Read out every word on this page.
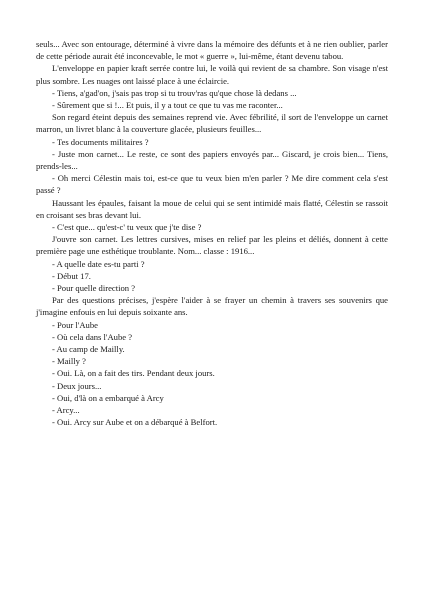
seuls... Avec son entourage, déterminé à vivre dans la mémoire des défunts et à ne rien oublier, parler de cette période aurait été inconcevable, le mot « guerre », lui-même, étant devenu tabou.

L'enveloppe en papier kraft serrée contre lui, le voilà qui revient de sa chambre. Son visage n'est plus sombre. Les nuages ont laissé place à une éclaircie.

- Tiens, a'gad'on, j'sais pas trop si tu trouv'ras qu'que chose là dedans ...

- Sûrement que si !... Et puis, il y a tout ce que tu vas me raconter...

Son regard éteint depuis des semaines reprend vie. Avec fébrilité, il sort de l'enveloppe un carnet marron, un livret blanc à la couverture glacée, plusieurs feuilles...

- Tes documents militaires ?

- Juste mon carnet... Le reste, ce sont des papiers envoyés par... Giscard, je crois bien... Tiens, prends-les...

- Oh merci Célestin mais toi, est-ce que tu veux bien m'en parler ? Me dire comment cela s'est passé ?

Haussant les épaules, faisant la moue de celui qui se sent intimidé mais flatté, Célestin se rassoit en croisant ses bras devant lui.

- C'est que... qu'est-c' tu veux que j'te dise ?

J'ouvre son carnet. Les lettres cursives, mises en relief par les pleins et déliés, donnent à cette première page une esthétique troublante. Nom... classe : 1916...

- A quelle date es-tu parti ?

- Début 17.

- Pour quelle direction ?

Par des questions précises, j'espère l'aider à se frayer un chemin à travers ses souvenirs que j'imagine enfouis en lui depuis soixante ans.

- Pour l'Aube

- Où cela dans l'Aube ?

- Au camp de Mailly.

- Mailly ?

- Oui. Là, on a fait des tirs. Pendant deux jours.

- Deux jours...

- Oui, d'là on a embarqué à Arcy

- Arcy...

- Oui. Arcy sur Aube et on a débarqué à Belfort.
